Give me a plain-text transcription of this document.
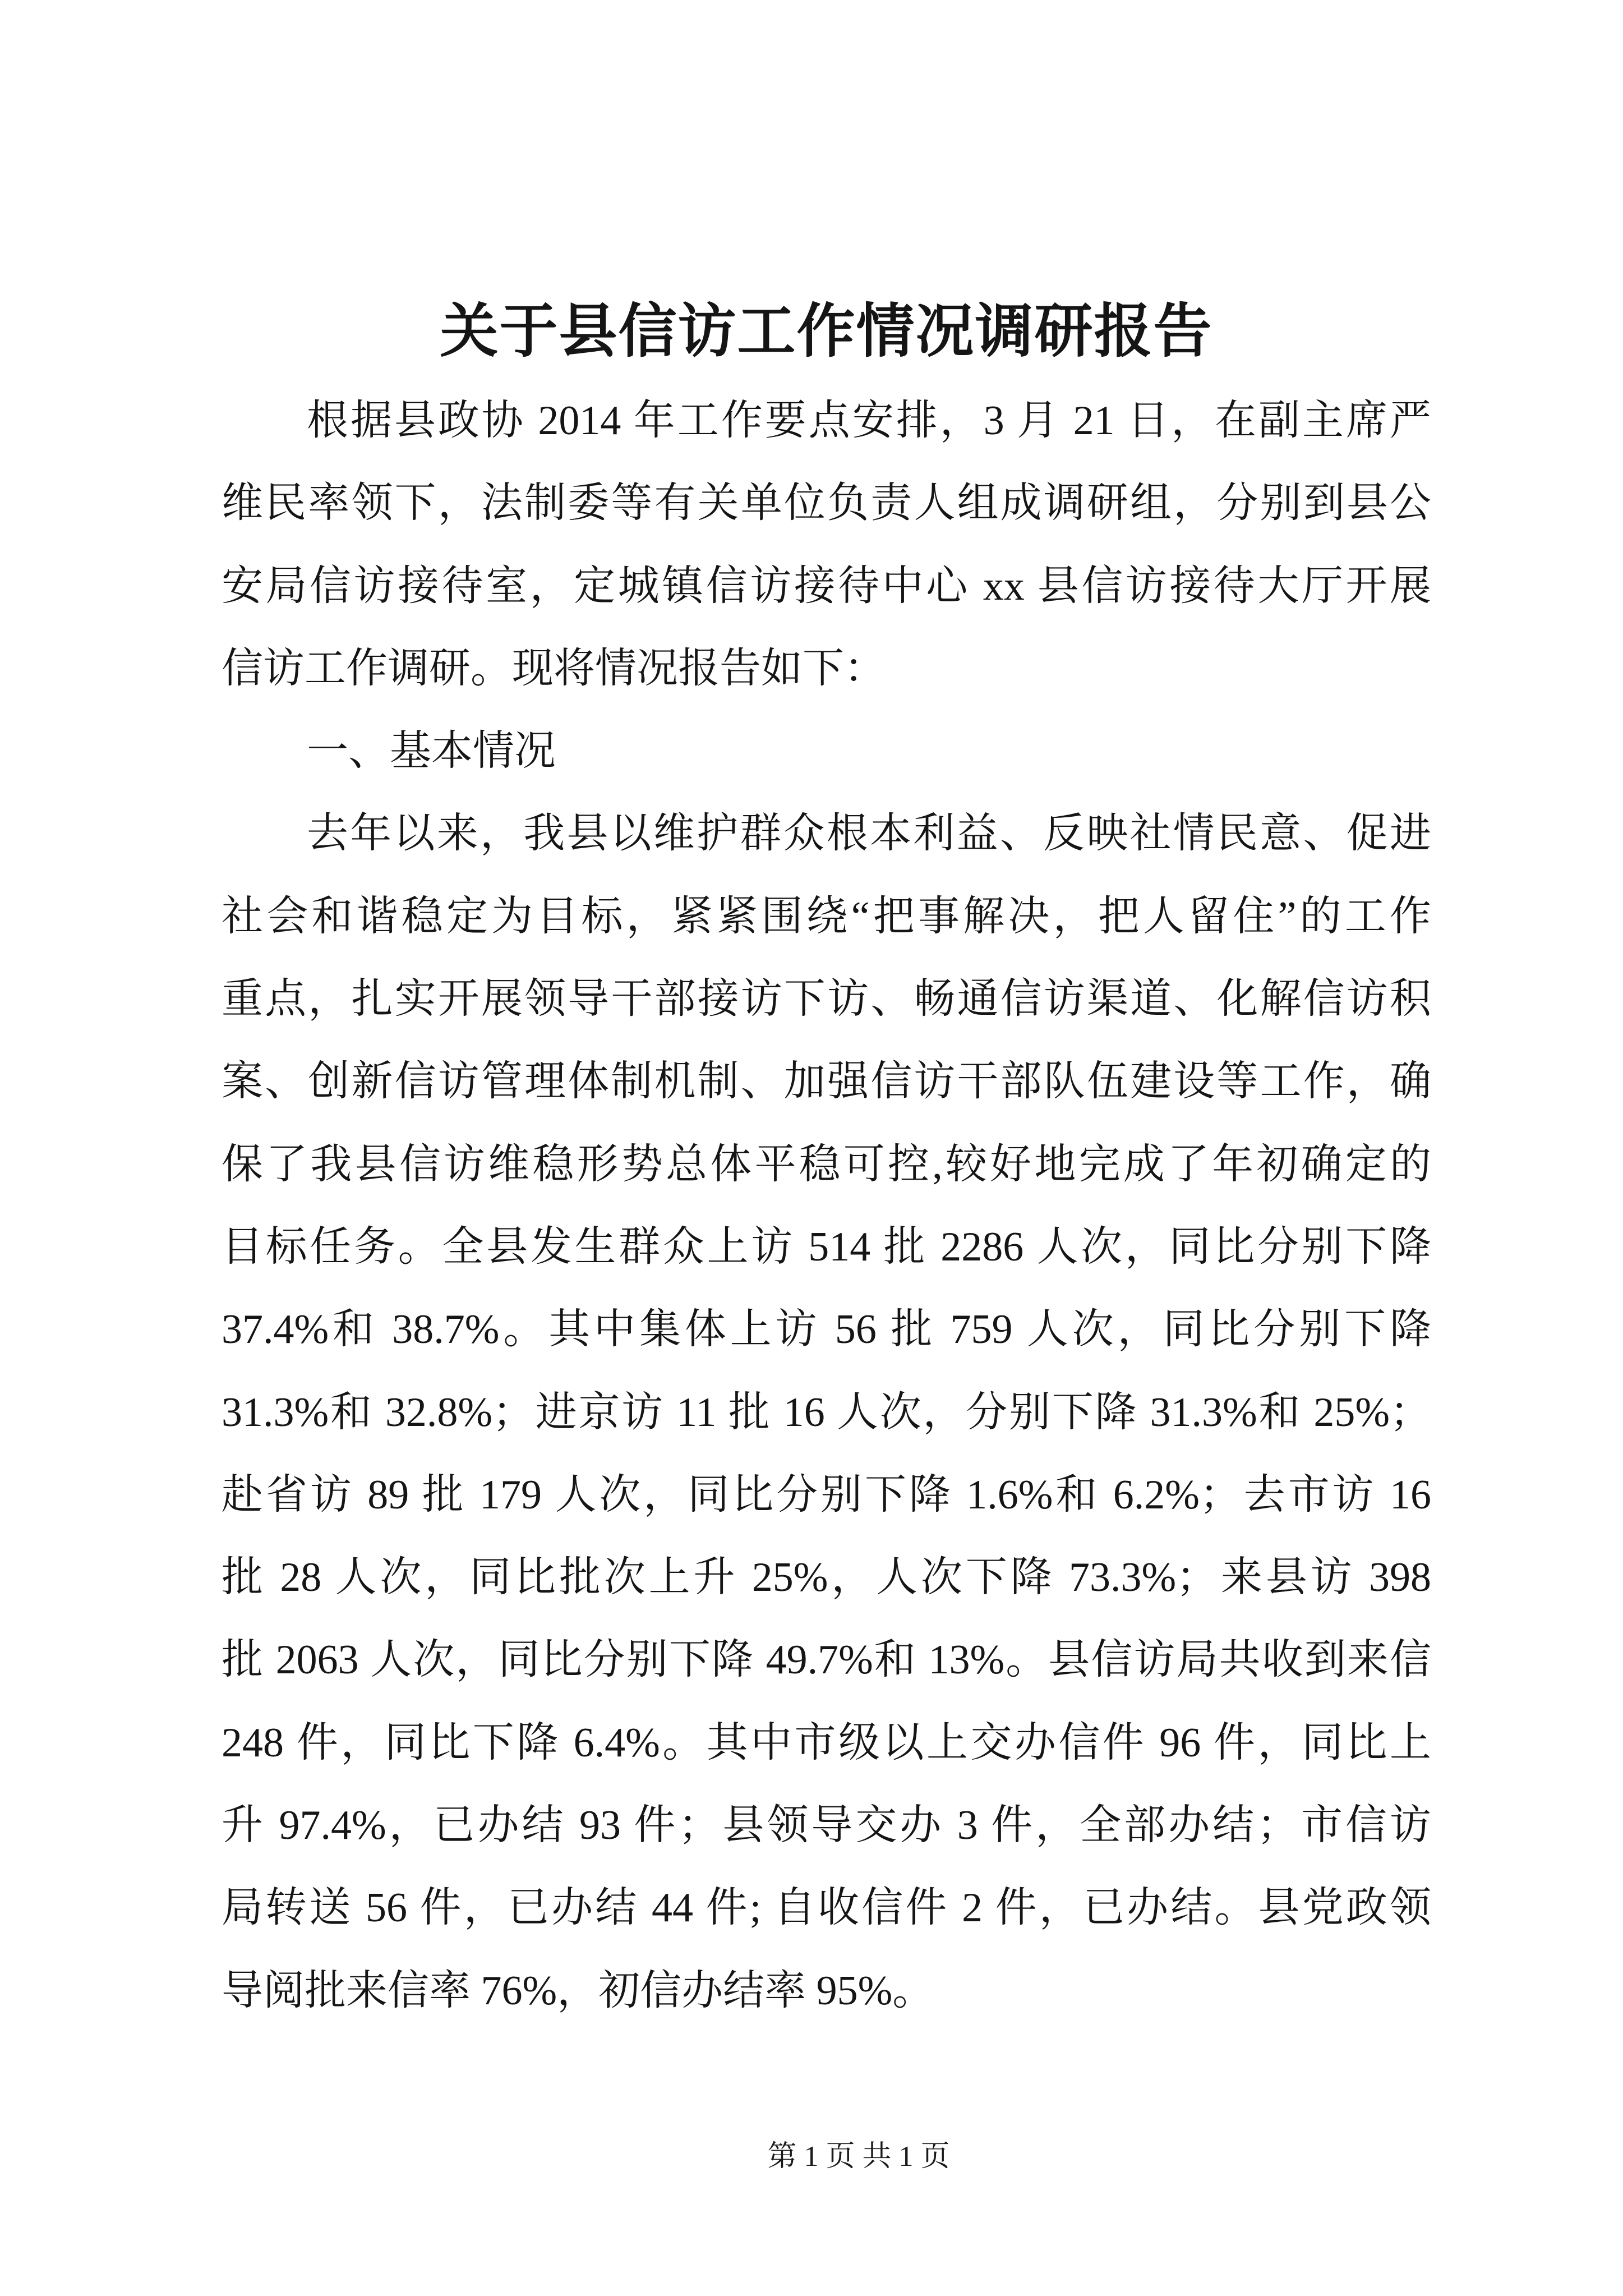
关于县信访工作情况调研报告
根据县政协 2014 年工作要点安排，3 月 21 日，在副主席严
维民率领下，法制委等有关单位负责人组成调研组，分别到县公
安局信访接待室，定城镇信访接待中心 xx 县信访接待大厅开展
信访工作调研。现将情况报告如下：
一、基本情况
去年以来，我县以维护群众根本利益、反映社情民意、促进
社会和谐稳定为目标，紧紧围绕“把事解决，把人留住”的工作
重点，扎实开展领导干部接访下访、畅通信访渠道、化解信访积
案、创新信访管理体制机制、加强信访干部队伍建设等工作，确
保了我县信访维稳形势总体平稳可控,较好地完成了年初确定的
目标任务。全县发生群众上访 514 批 2286 人次，同比分别下降
37.4%和 38.7%。其中集体上访 56 批 759 人次，同比分别下降
31.3%和 32.8%；进京访 11 批 16 人次，分别下降 31.3%和 25%；
赴省访 89 批 179 人次，同比分别下降 1.6%和 6.2%；去市访 16
批 28 人次，同比批次上升 25%，人次下降 73.3%；来县访 398
批 2063 人次，同比分别下降 49.7%和 13%。县信访局共收到来信
248 件，同比下降 6.4%。其中市级以上交办信件 96 件，同比上
升 97.4%，已办结 93 件；县领导交办 3 件，全部办结；市信访
局转送 56 件，已办结 44 件; 自收信件 2 件，已办结。县党政领
导阅批来信率 76%，初信办结率 95%。
第 1 页 共 1 页
